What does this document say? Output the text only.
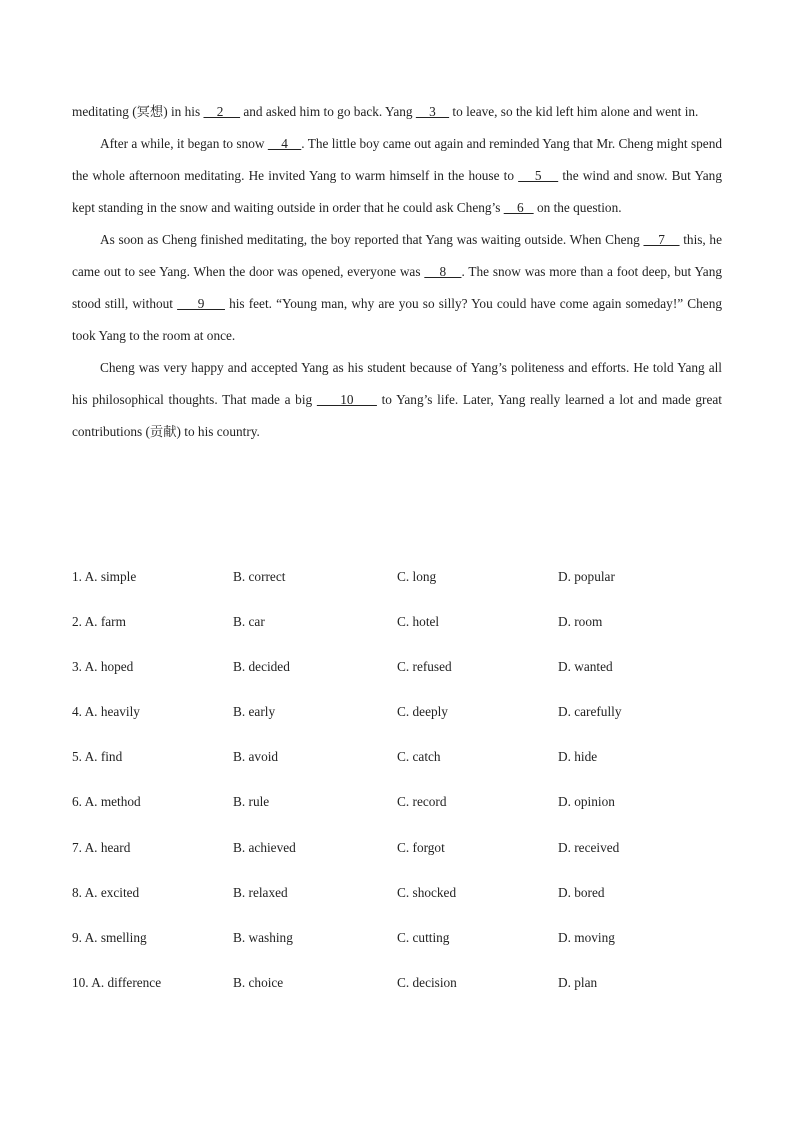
meditating (冥想) in his     2      and asked him to go back. Yang     3     to leave, so the kid left him alone and went in.

After a while, it began to snow     4    . The little boy came out again and reminded Yang that Mr. Cheng might spend the whole afternoon meditating. He invited Yang to warm himself in the house to     5     the wind and snow. But Yang kept standing in the snow and waiting outside in order that he could ask Cheng’s     6    on the question.

As soon as Cheng finished meditating, the boy reported that Yang was waiting outside. When Cheng     7     this, he came out to see Yang. When the door was opened, everyone was     8    . The snow was more than a foot deep, but Yang stood still, without      9      his feet. “Young man, why are you so silly? You could have come again someday!” Cheng took Yang to the room at once.

Cheng was very happy and accepted Yang as his student because of Yang’s politeness and efforts. He told Yang all his philosophical thoughts. That made a big      10      to Yang’s life. Later, Yang really learned a lot and made great contributions (贡献) to his country.

1. A. simple	B. correct	C. long	D. popular
2. A. farm	B. car	C. hotel	D. room
3. A. hoped	B. decided	C. refused	D. wanted
4. A. heavily	B. early	C. deeply	D. carefully
5. A. find	B. avoid	C. catch	D. hide
6. A. method	B. rule	C. record	D. opinion
7. A. heard	B. achieved	C. forgot	D. received
8. A. excited	B. relaxed	C. shocked	D. bored
9. A. smelling	B. washing	C. cutting	D. moving
10. A. difference	B. choice	C. decision	D. plan
